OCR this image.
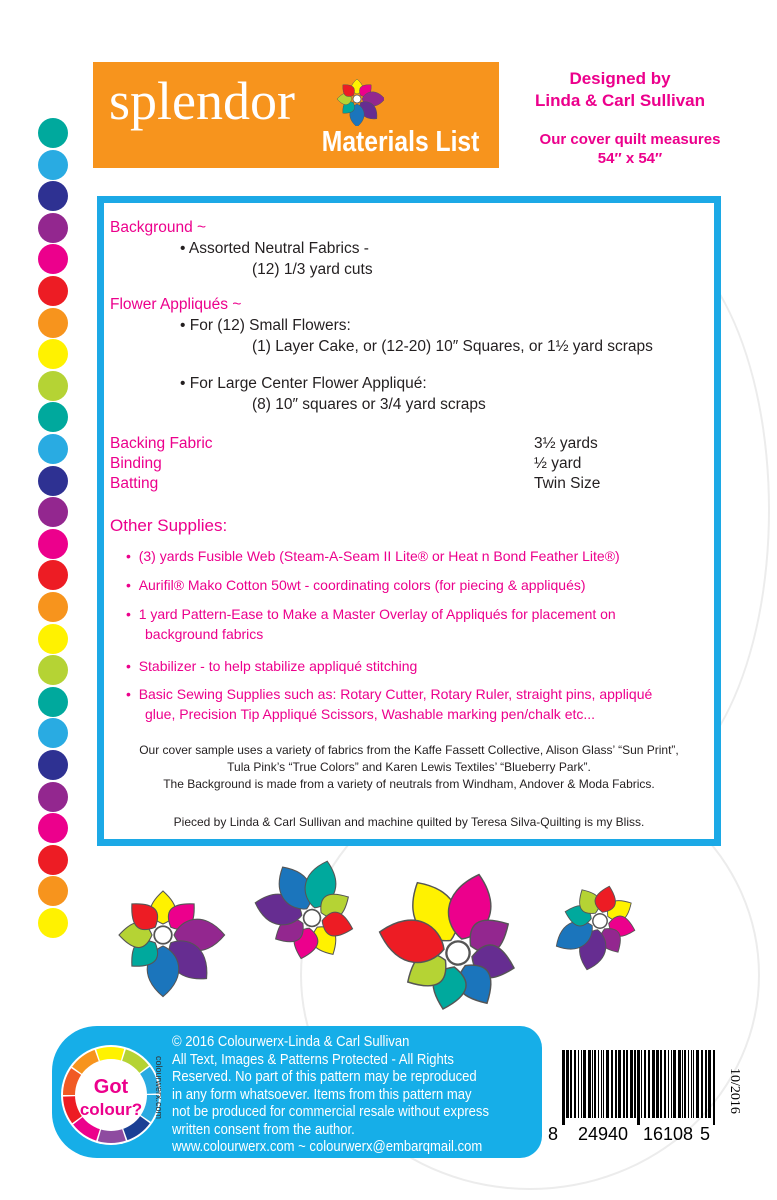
splendor
Materials List
Designed by
Linda & Carl Sullivan
Our cover quilt measures
54″ x 54″
Background ~
• Assorted Neutral Fabrics -
(12) 1/3 yard cuts
Flower Appliqués ~
• For (12) Small Flowers:
(1) Layer Cake, or (12-20) 10″ Squares, or 1½ yard scraps
• For Large Center Flower Appliqué:
(8) 10″ squares or 3/4 yard scraps
Backing Fabric	3½ yards
Binding	½ yard
Batting	Twin Size
Other Supplies:
•  (3) yards Fusible Web (Steam-A-Seam II Lite® or Heat n Bond Feather Lite®)
•  Aurifil® Mako Cotton 50wt - coordinating colors (for piecing & appliqués)
•  1 yard Pattern-Ease to Make a Master Overlay of Appliqués for placement on
background fabrics
•  Stabilizer - to help stabilize appliqué stitching
•  Basic Sewing Supplies such as: Rotary Cutter, Rotary Ruler, straight pins, appliqué
glue, Precision Tip Appliqué Scissors, Washable marking pen/chalk etc...
Our cover sample uses a variety of fabrics from the Kaffe Fassett Collective, Alison Glass’ “Sun Print”,
Tula Pink’s “True Colors” and Karen Lewis Textiles’ “Blueberry Park”.
The Background is made from a variety of neutrals from Windham, Andover & Moda Fabrics.
Pieced by Linda & Carl Sullivan and machine quilted by Teresa Silva-Quilting is my Bliss.
Got
colour? colourwerx.com
© 2016 Colourwerx-Linda & Carl Sullivan
All Text, Images & Patterns Protected - All Rights
Reserved. No part of this pattern may be reproduced
in any form whatsoever. Items from this pattern may
not be produced for commercial resale without express
written consent from the author.
www.colourwerx.com ~ colourwerx@embarqmail.com
8 24940 16108 5
10/2016
